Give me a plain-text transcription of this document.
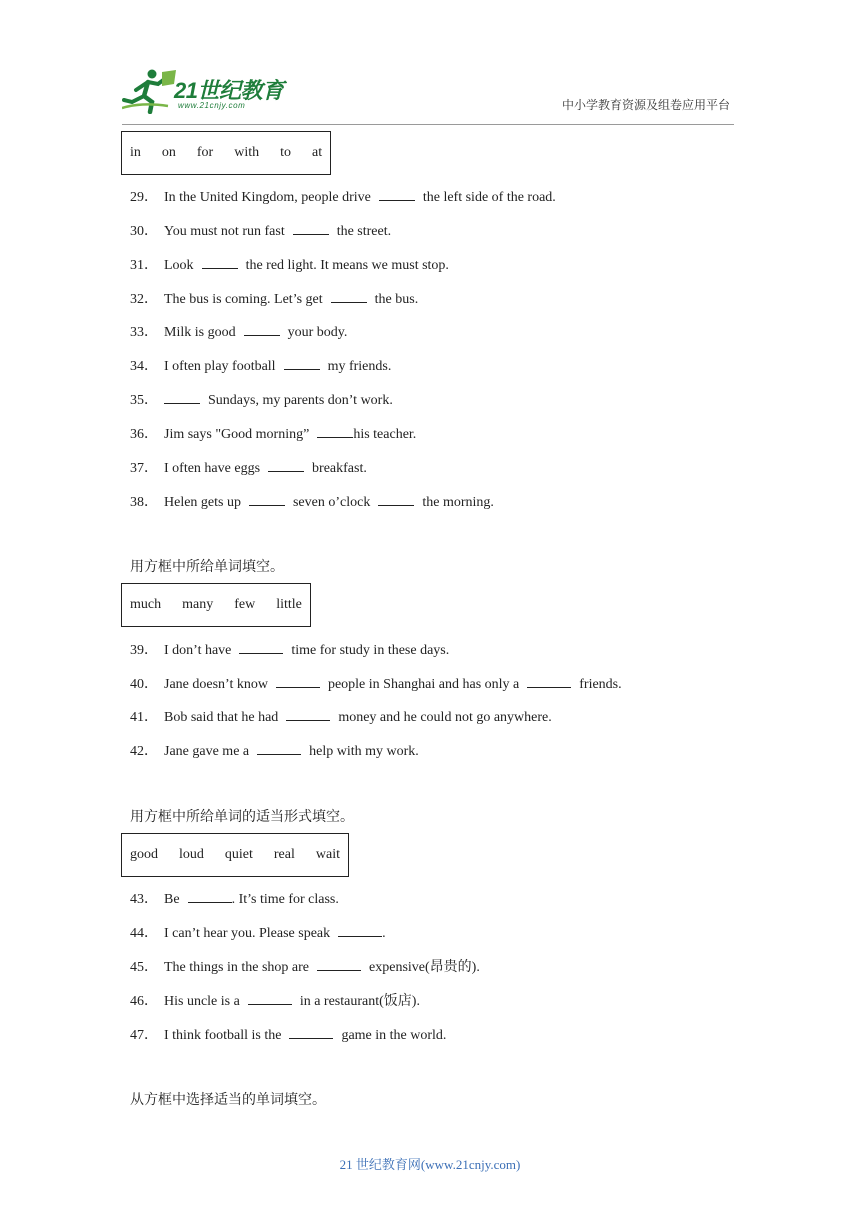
21世纪教育
www.21cnjy.com	中小学教育资源及组卷应用平台
in on for with to at
29． In the United Kingdom, people drive	the left side of the road.
30． You must not run fast	the street.
31． Look	the red light. It means we must stop.
32． The bus is coming. Let’s get	the bus.
33． Milk is good	your body.
34． I often play football	my friends.
35．	Sundays, my parents don’t work.
36． Jim says "Good morning”	his teacher.
37． I often have eggs	breakfast.
38． Helen gets up	seven o’clock	the morning.
用方框中所给单词填空。
much many few little
39． I don’t have	time for study in these days.
40． Jane doesn’t know	people in Shanghai and has only a	friends.
41． Bob said that he had	money and he could not go anywhere.
42． Jane gave me a	help with my work.
用方框中所给单词的适当形式填空。
good loud quiet real wait
43． Be	. It’s time for class.
44． I can’t hear you. Please speak	.
45． The things in the shop are	expensive(昂贵的).
46． His uncle is a	in a restaurant(饭店).
47． I think football is the	game in the world.
从方框中选择适当的单词填空。
21 世纪教育网(www.21cnjy.com)
